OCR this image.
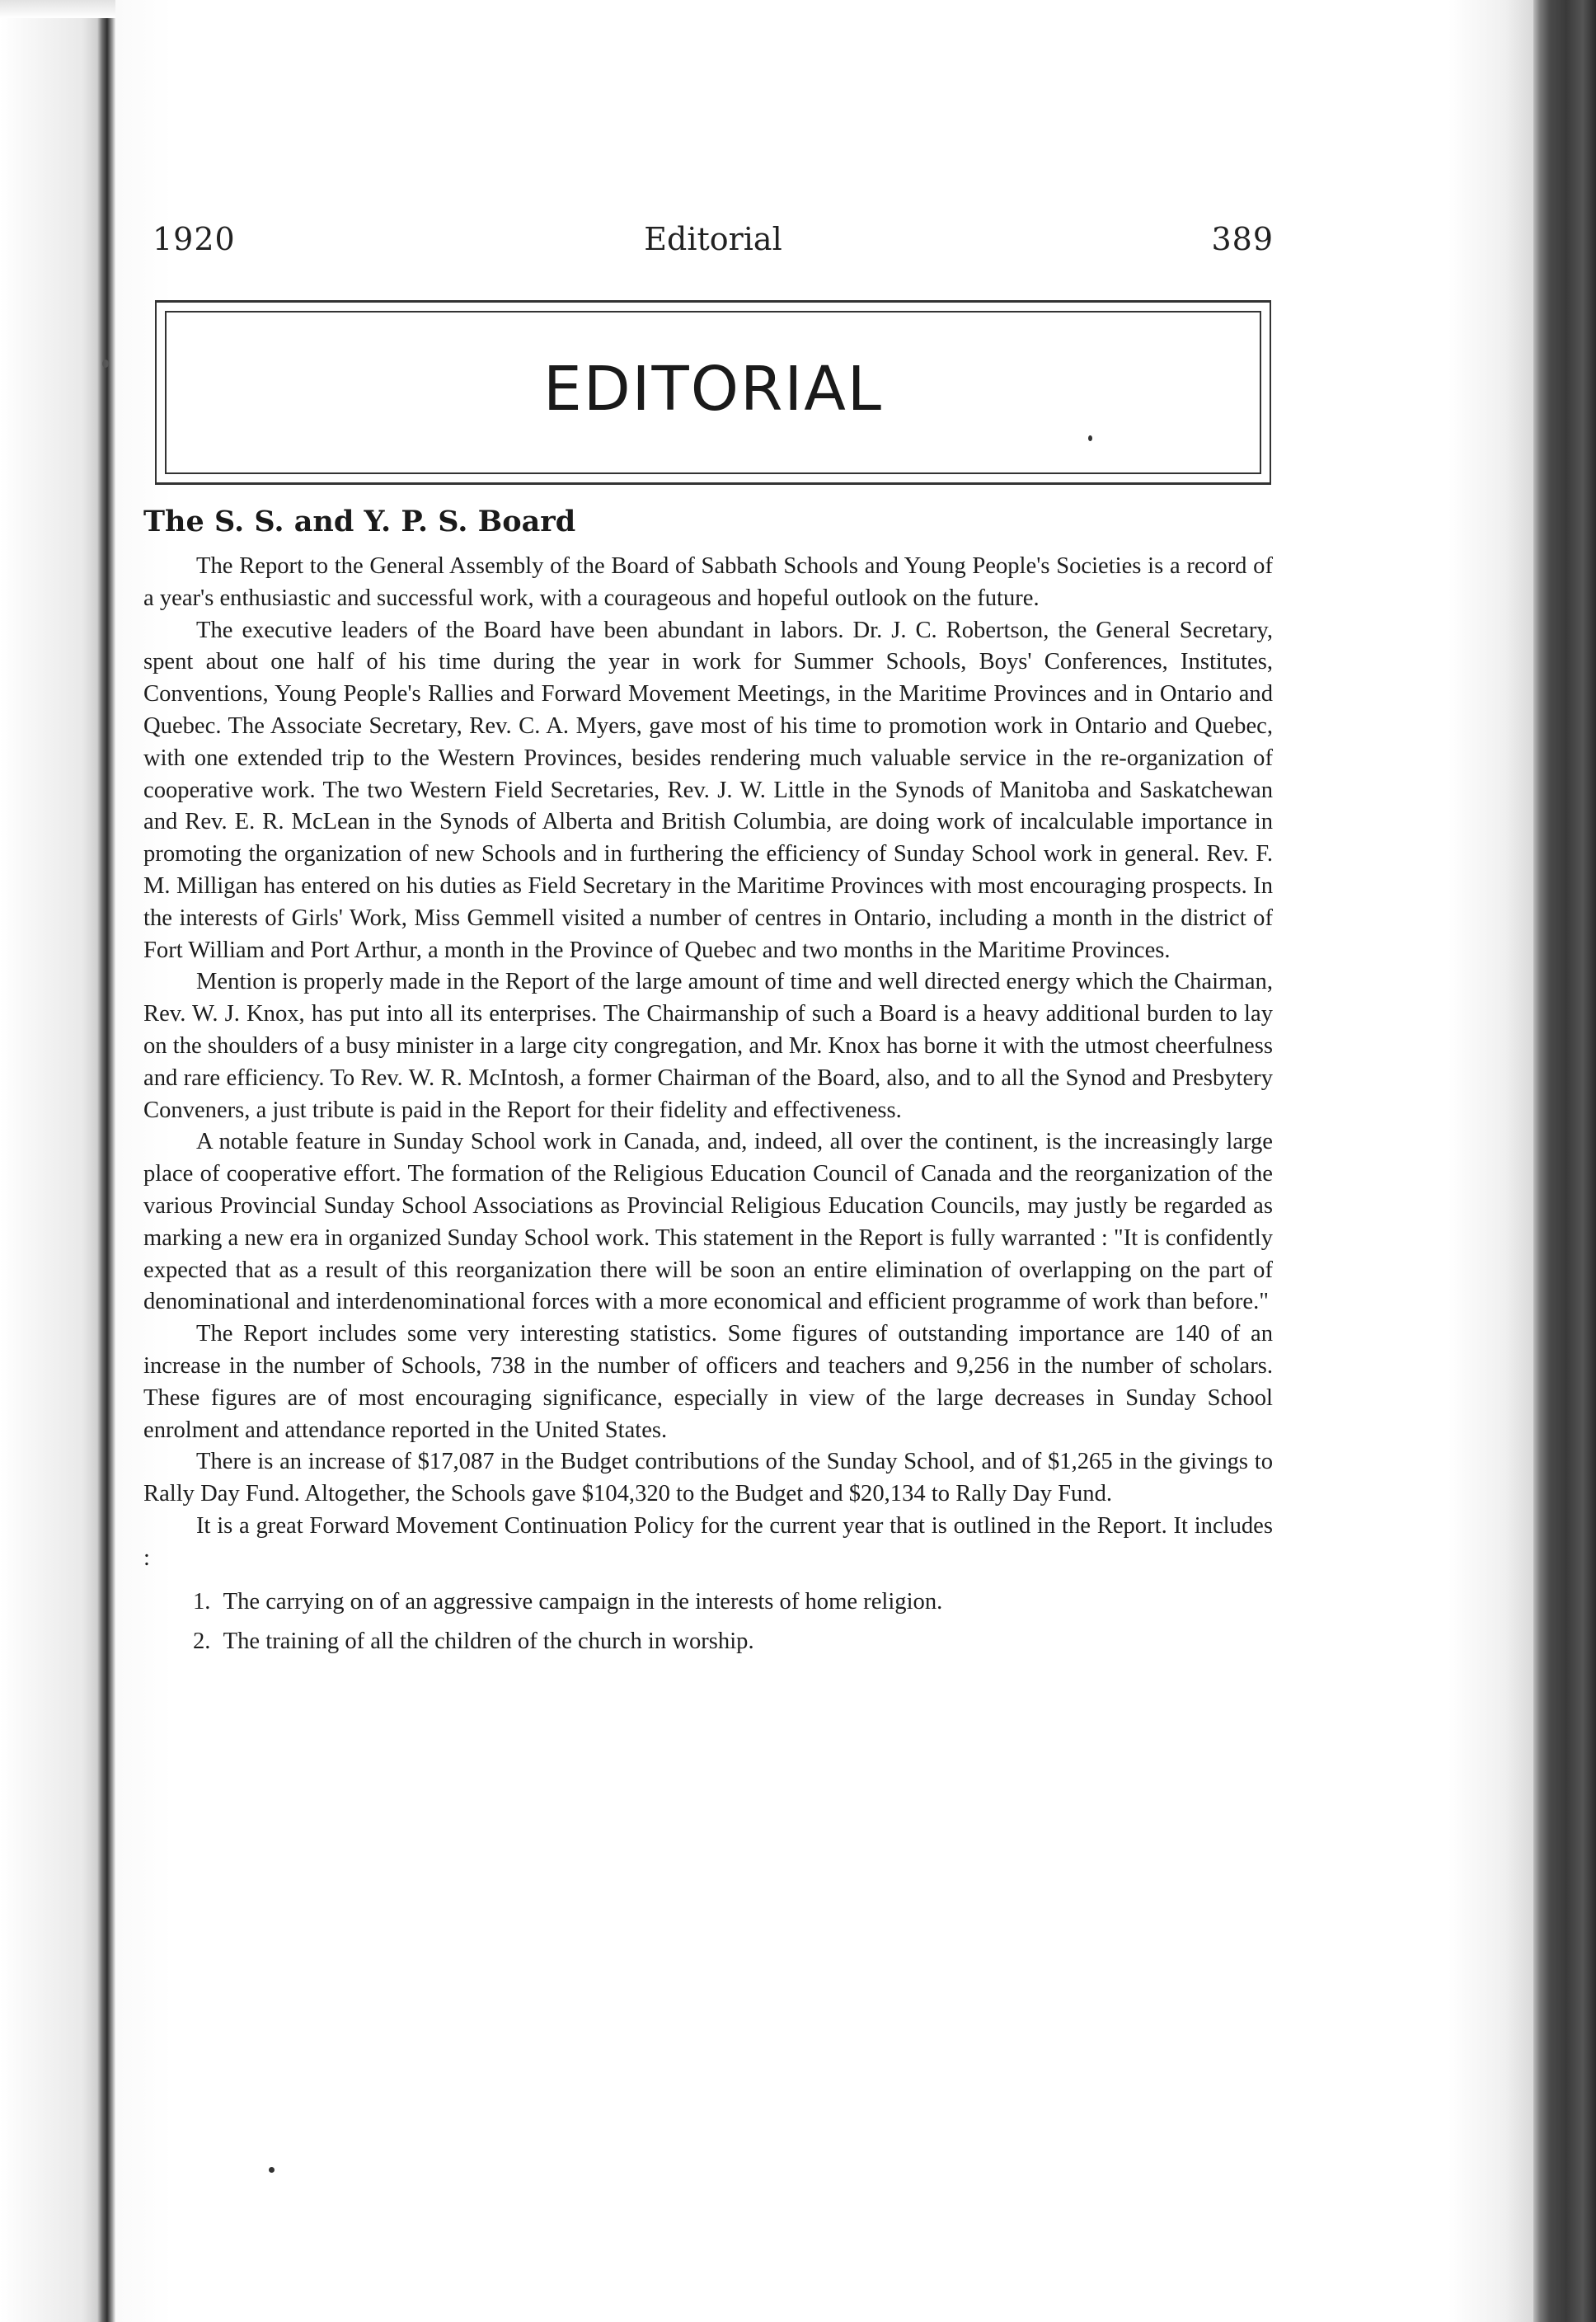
1920	Editorial	389
EDITORIAL
The S. S. and Y. P. S. Board

The Report to the General Assembly of the Board of Sabbath Schools and Young People's Societies is a record of a year's enthusiastic and successful work, with a courageous and hopeful outlook on the future.

The executive leaders of the Board have been abundant in labors. Dr. J. C. Robertson, the General Secretary, spent about one half of his time during the year in work for Summer Schools, Boys' Conferences, Institutes, Conventions, Young People's Rallies and Forward Movement Meetings, in the Maritime Provinces and in Ontario and Quebec. The Associate Secretary, Rev. C. A. Myers, gave most of his time to promotion work in Ontario and Quebec, with one extended trip to the Western Provinces, besides rendering much valuable service in the re-organization of cooperative work. The two Western Field Secretaries, Rev. J. W. Little in the Synods of Manitoba and Saskatchewan and Rev. E. R. McLean in the Synods of Alberta and British Columbia, are doing work of incalculable importance in promoting the organization of new Schools and in furthering the efficiency of Sunday School work in general. Rev. F. M. Milligan has entered on his duties as Field Secretary in the Maritime Provinces with most encouraging prospects. In the interests of Girls' Work, Miss Gemmell visited a number of centres in Ontario, including a month in the district of Fort William and Port Arthur, a month in the Province of Quebec and two months in the Maritime Provinces.

Mention is properly made in the Report of the large amount of time and well directed energy which the Chairman, Rev. W. J. Knox, has put into all its enterprises. The Chairmanship of such a Board is a heavy additional burden to lay on the shoulders of a busy minister in a large city congregation, and Mr. Knox has borne it with the utmost cheerfulness and rare efficiency. To Rev. W. R. McIntosh, a former Chairman of the Board, also, and to all the Synod and Presbytery Conveners, a just tribute is paid in the Report for their fidelity and effectiveness.

A notable feature in Sunday School work in Canada, and, indeed, all over the continent, is the increasingly large place of cooperative effort. The formation of the Religious Education Council of Canada and the reorganization of the various Provincial Sunday School Associations as Provincial Religious Education Councils, may justly be regarded as marking a new era in organized Sunday School work. This statement in the Report is fully warranted : "It is confidently expected that as a result of this reorganization there will be soon an entire elimination of overlapping on the part of denominational and interdenominational forces with a more economical and efficient programme of work than before."

The Report includes some very interesting statistics. Some figures of outstanding importance are 140 of an increase in the number of Schools, 738 in the number of officers and teachers and 9,256 in the number of scholars. These figures are of most encouraging significance, especially in view of the large decreases in Sunday School enrolment and attendance reported in the United States.

There is an increase of $17,087 in the Budget contributions of the Sunday School, and of $1,265 in the givings to Rally Day Fund. Altogether, the Schools gave $104,320 to the Budget and $20,134 to Rally Day Fund.

It is a great Forward Movement Continuation Policy for the current year that is outlined in the Report. It includes :

1. The carrying on of an aggressive campaign in the interests of home religion.
2. The training of all the children of the church in worship.
